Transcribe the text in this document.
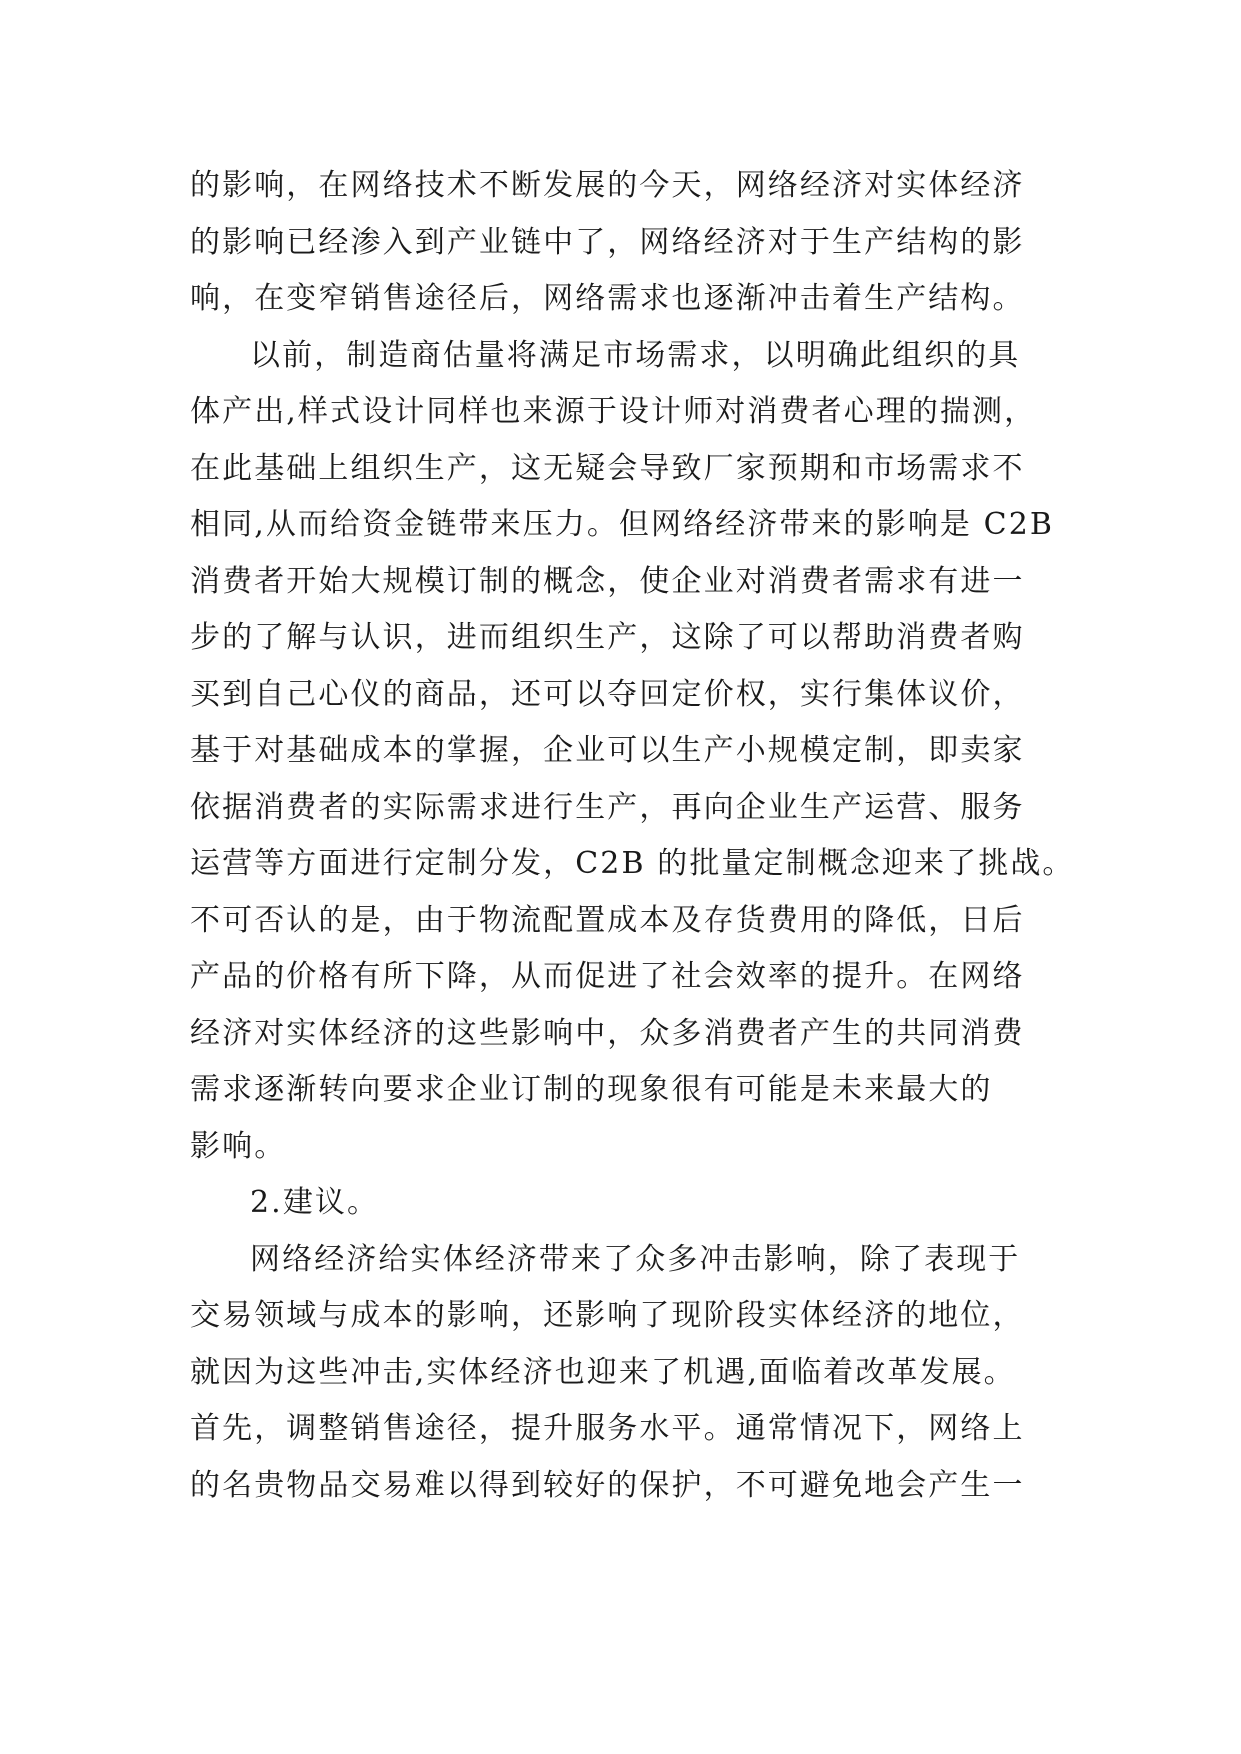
的影响，在网络技术不断发展的今天，网络经济对实体经济
的影响已经渗入到产业链中了，网络经济对于生产结构的影
响，在变窄销售途径后，网络需求也逐渐冲击着生产结构。
以前，制造商估量将满足市场需求，以明确此组织的具
体产出,样式设计同样也来源于设计师对消费者心理的揣测，
在此基础上组织生产，这无疑会导致厂家预期和市场需求不
相同,从而给资金链带来压力。但网络经济带来的影响是 C2B
消费者开始大规模订制的概念，使企业对消费者需求有进一
步的了解与认识，进而组织生产，这除了可以帮助消费者购
买到自己心仪的商品，还可以夺回定价权，实行集体议价，
基于对基础成本的掌握，企业可以生产小规模定制，即卖家
依据消费者的实际需求进行生产，再向企业生产运营、服务
运营等方面进行定制分发，C2B 的批量定制概念迎来了挑战。
不可否认的是，由于物流配置成本及存货费用的降低，日后
产品的价格有所下降，从而促进了社会效率的提升。在网络
经济对实体经济的这些影响中，众多消费者产生的共同消费
需求逐渐转向要求企业订制的现象很有可能是未来最大的
影响。
2.建议。
网络经济给实体经济带来了众多冲击影响，除了表现于
交易领域与成本的影响，还影响了现阶段实体经济的地位，
就因为这些冲击,实体经济也迎来了机遇,面临着改革发展。
首先，调整销售途径，提升服务水平。通常情况下，网络上
的名贵物品交易难以得到较好的保护，不可避免地会产生一
